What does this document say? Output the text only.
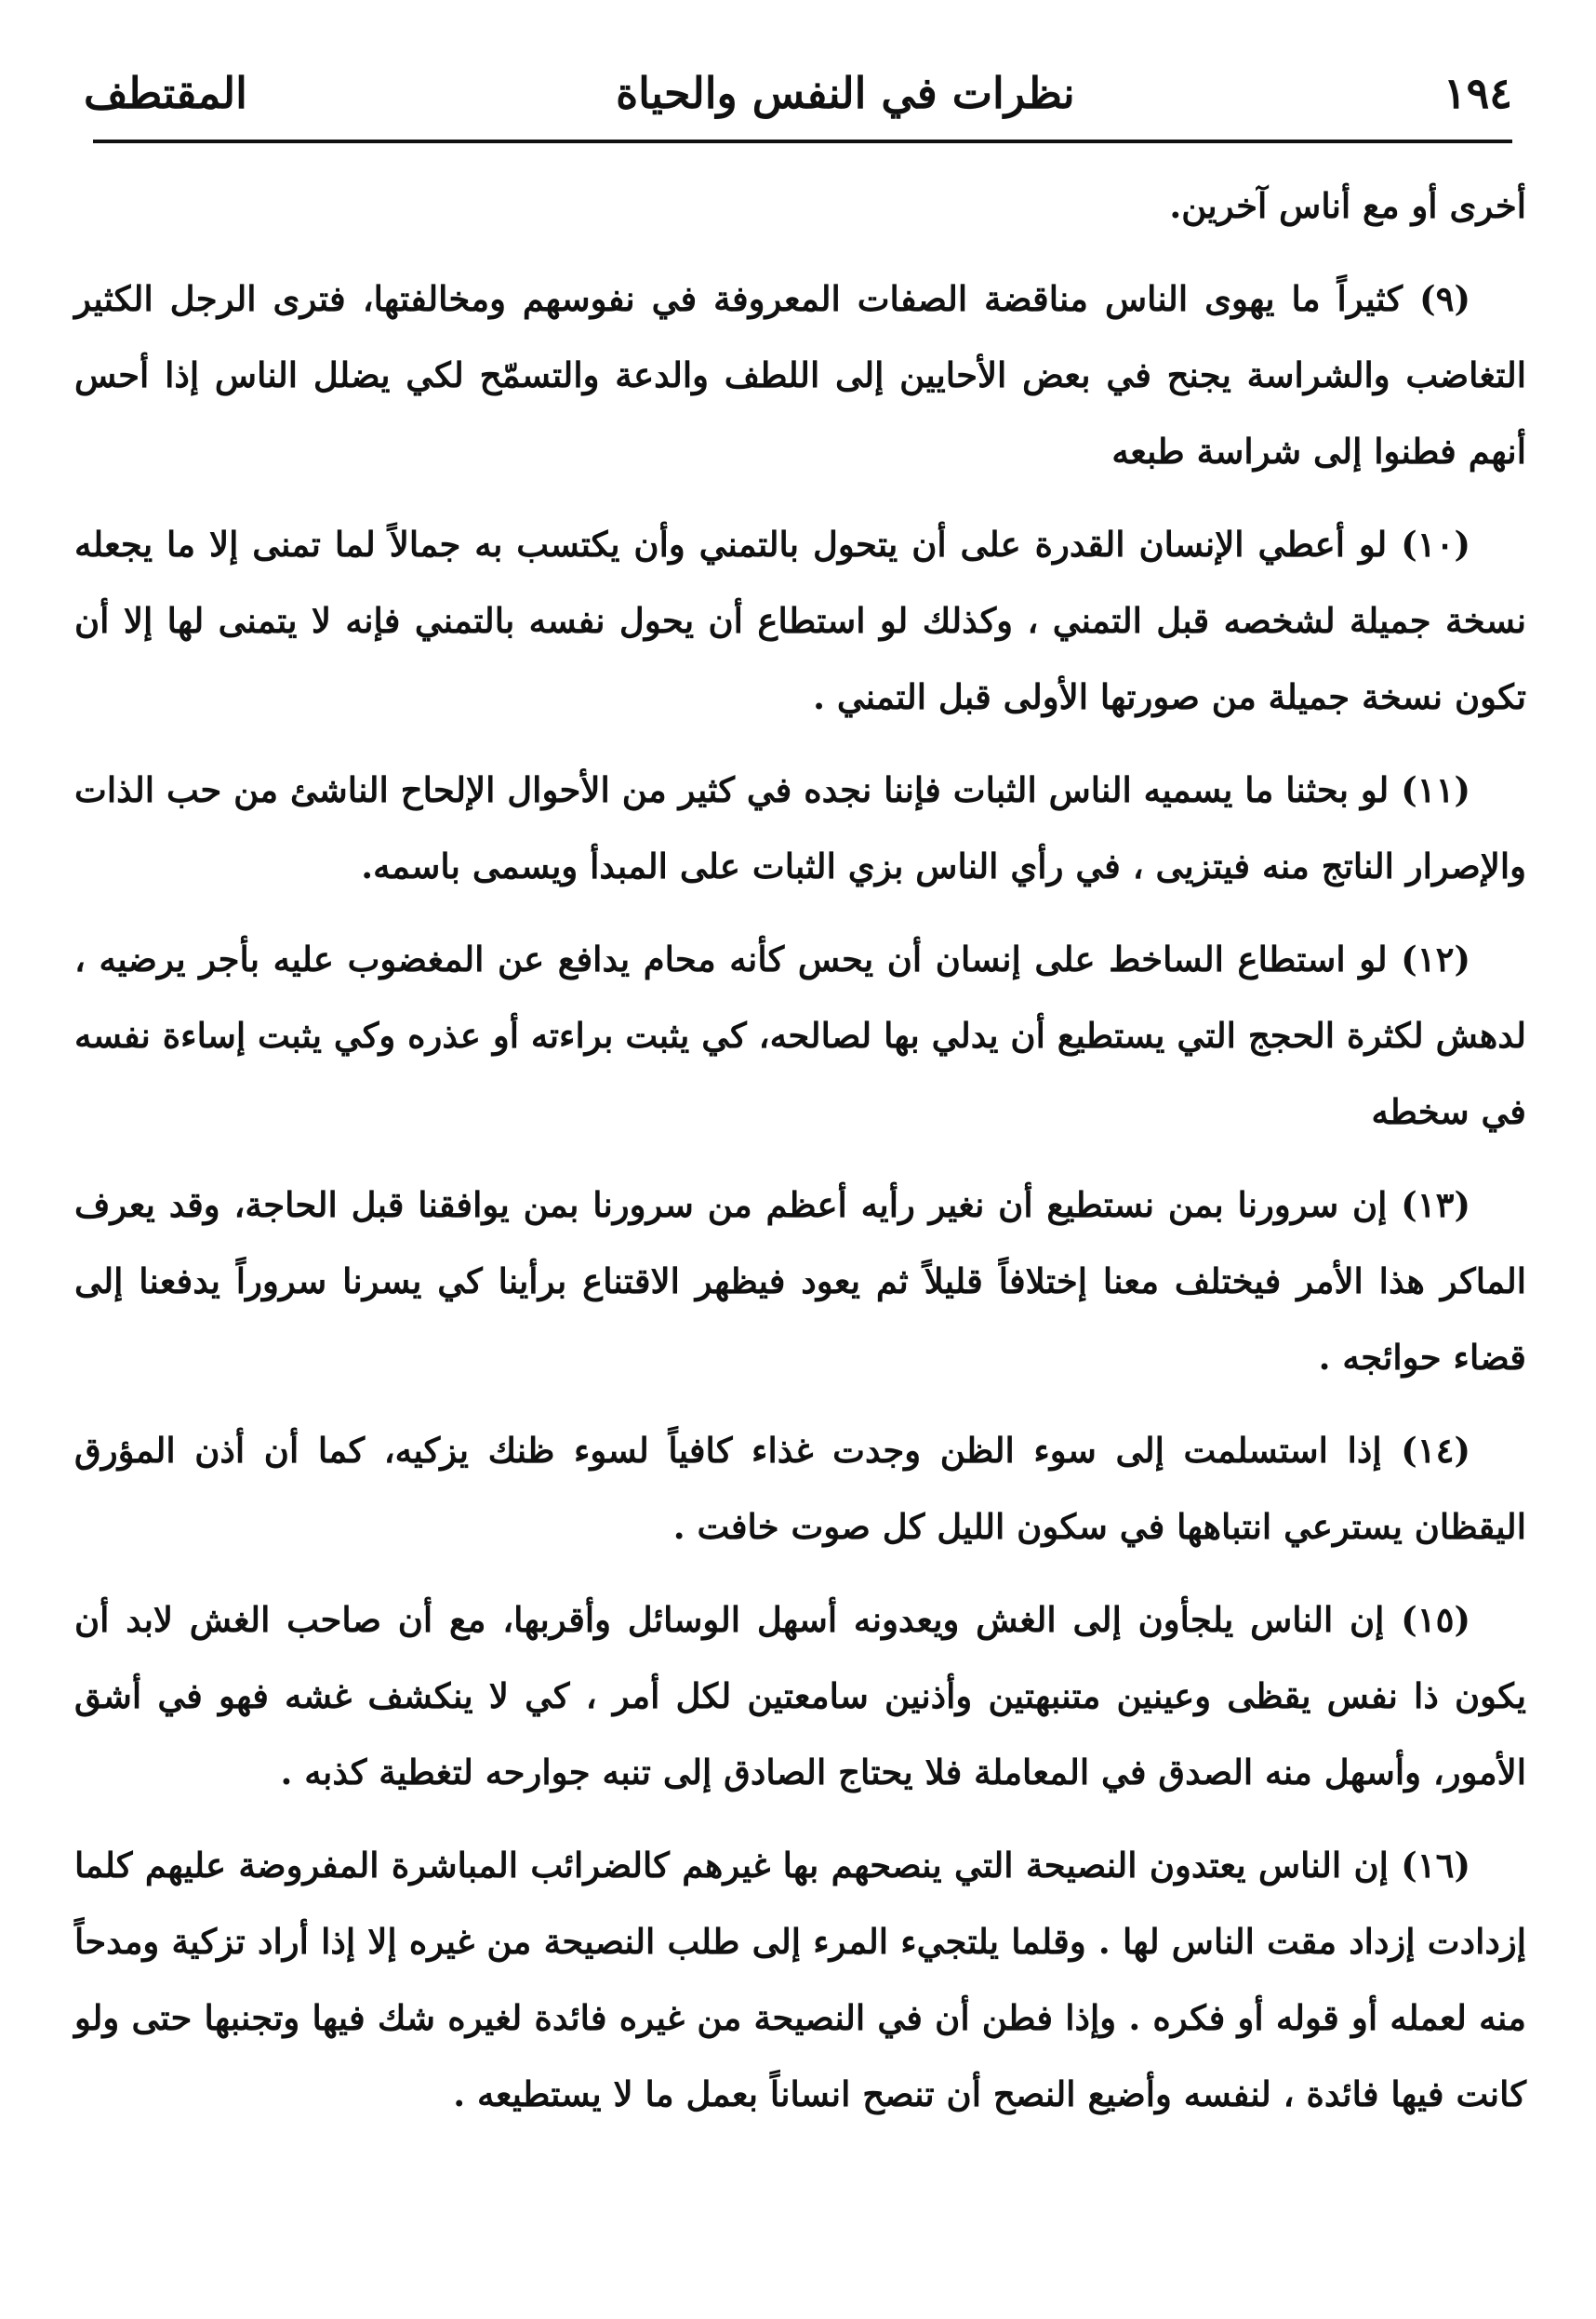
١٩٤
نظرات في النفس والحياة
المقتطف

أخرى أو مع أناس آخرين.

(٩) كثيراً ما يهوى الناس مناقضة الصفات المعروفة في نفوسهم ومخالفتها، فترى الرجل الكثير التغاضب والشراسة يجنح في بعض الأحايين إلى اللطف والدعة والتسمّح لكي يضلل الناس إذا أحس أنهم فطنوا إلى شراسة طبعه

(١٠) لو أعطي الإنسان القدرة على أن يتحول بالتمني وأن يكتسب به جمالاً لما تمنى إلا ما يجعله نسخة جميلة لشخصه قبل التمني ، وكذلك لو استطاع أن يحول نفسه بالتمني فإنه لا يتمنى لها إلا أن تكون نسخة جميلة من صورتها الأولى قبل التمني .

(١١) لو بحثنا ما يسميه الناس الثبات فإننا نجده في كثير من الأحوال الإلحاح الناشئ من حب الذات والإصرار الناتج منه فيتزيى ، في رأي الناس بزي الثبات على المبدأ ويسمى باسمه.

(١٢) لو استطاع الساخط على إنسان أن يحس كأنه محام يدافع عن المغضوب عليه بأجر يرضيه ، لدهش لكثرة الحجج التي يستطيع أن يدلي بها لصالحه، كي يثبت براءته أو عذره وكي يثبت إساءة نفسه في سخطه

(١٣) إن سرورنا بمن نستطيع أن نغير رأيه أعظم من سرورنا بمن يوافقنا قبل الحاجة، وقد يعرف الماكر هذا الأمر فيختلف معنا إختلافاً قليلاً ثم يعود فيظهر الاقتناع برأينا كي يسرنا سروراً يدفعنا إلى قضاء حوائجه .

(١٤) إذا استسلمت إلى سوء الظن وجدت غذاء كافياً لسوء ظنك يزكيه، كما أن أذن المؤرق اليقظان يسترعي انتباهها في سكون الليل كل صوت خافت .

(١٥) إن الناس يلجأون إلى الغش ويعدونه أسهل الوسائل وأقربها، مع أن صاحب الغش لابد أن يكون ذا نفس يقظى وعينين متنبهتين وأذنين سامعتين لكل أمر ، كي لا ينكشف غشه فهو في أشق الأمور، وأسهل منه الصدق في المعاملة فلا يحتاج الصادق إلى تنبه جوارحه لتغطية كذبه .

(١٦) إن الناس يعتدون النصيحة التي ينصحهم بها غيرهم كالضرائب المباشرة المفروضة عليهم كلما إزدادت إزداد مقت الناس لها . وقلما يلتجيء المرء إلى طلب النصيحة من غيره إلا إذا أراد تزكية ومدحاً منه لعمله أو قوله أو فكره . وإذا فطن أن في النصيحة من غيره فائدة لغيره شك فيها وتجنبها حتى ولو كانت فيها فائدة ، لنفسه وأضيع النصح أن تنصح انساناً بعمل ما لا يستطيعه .
